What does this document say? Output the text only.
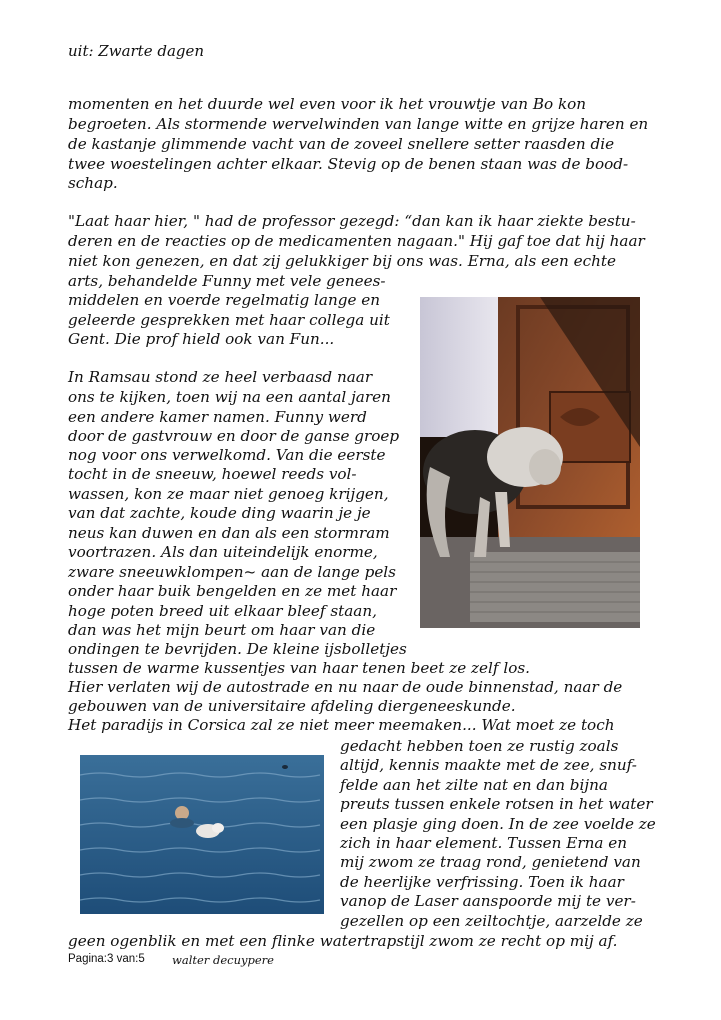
uit: Zwarte dagen
momenten en het duurde wel even voor ik het vrouwtje van Bo kon
begroeten. Als stormende wervelwinden van lange witte en grijze haren en
de kastanje glimmende vacht van de zoveel snellere setter raasden die
twee woestelingen achter elkaar. Stevig op de benen staan was de bood-
schap.
"Laat haar hier, " had de professor gezegd: “dan kan ik haar ziekte bestu-
deren en de reacties op de medicamenten nagaan." Hij gaf toe dat hij haar
niet kon genezen, en dat zij gelukkiger bij ons was. Erna, als een echte
arts, behandelde Funny met vele genees-
middelen en voerde regelmatig lange en
geleerde gesprekken met haar collega uit
Gent. Die prof hield ook van Fun...
In Ramsau stond ze heel verbaasd naar
ons te kijken, toen wij na een aantal jaren
een andere kamer namen. Funny werd
door de gastvrouw en door de ganse groep
nog voor ons verwelkomd. Van die eerste
tocht in de sneeuw, hoewel reeds vol-
wassen, kon ze maar niet genoeg krijgen,
van dat zachte, koude ding waarin je je
neus kan duwen en dan als een stormram
voortrazen. Als dan uiteindelijk enorme,
zware sneeuwklompen~ aan de lange pels
onder haar buik bengelden en ze met haar
hoge poten breed uit elkaar bleef staan,
dan was het mijn beurt om haar van die
ondingen te bevrijden. De kleine ijsbolletjes
tussen de warme kussentjes van haar tenen beet ze zelf los.
Hier verlaten wij de autostrade en nu naar de oude binnenstad, naar de
gebouwen van de universitaire afdeling diergeneeskunde.
Het paradijs in Corsica zal ze niet meer meemaken... Wat moet ze toch
gedacht hebben toen ze rustig zoals
altijd, kennis maakte met de zee, snuf-
felde aan het zilte nat en dan bijna
preuts tussen enkele rotsen in het water
een plasje ging doen. In de zee voelde ze
zich in haar element. Tussen Erna en
mij zwom ze traag rond, genietend van
de heerlijke verfrissing. Toen ik haar
vanop de Laser aanspoorde mij te ver-
gezellen op een zeiltochtje, aarzelde ze
geen ogenblik en met een flinke watertrapstijl zwom ze recht op mij af.
Pagina:3 van:5 walter decuypere
